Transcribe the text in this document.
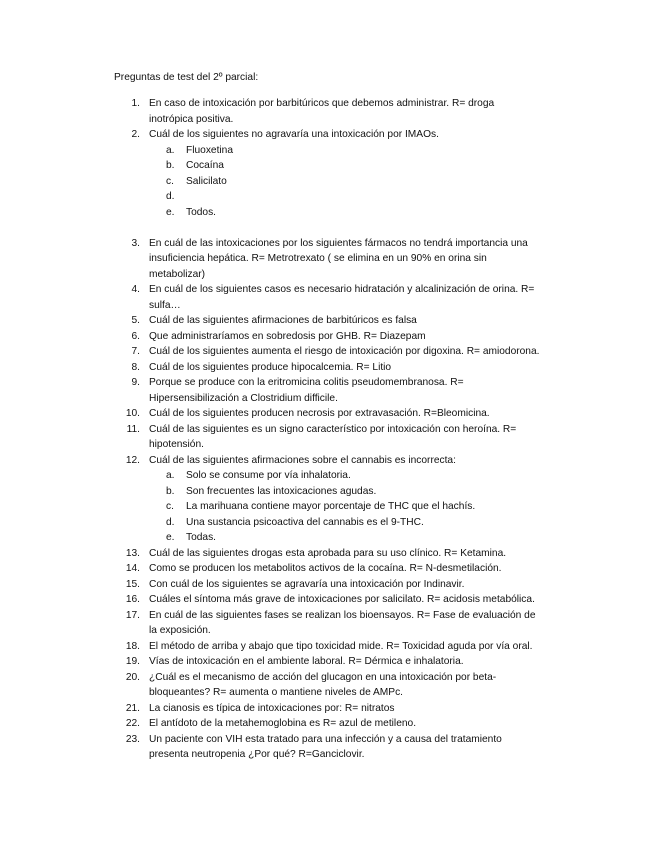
Preguntas de test del 2º parcial:
1. En caso de intoxicación por barbitúricos que debemos administrar. R= droga inotrópica positiva.
2. Cuál de los siguientes no agravaría una intoxicación por IMAOs.
a.	Fluoxetina
b.	Cocaína
c.	Salicilato
d.

e.	Todos.
3. En cuál de las intoxicaciones por los siguientes fármacos no tendrá importancia una insuficiencia hepática. R= Metrotrexato ( se elimina en un 90% en orina sin metabolizar)
4. En cuál de los siguientes casos es necesario hidratación y alcalinización de orina. R= sulfa…
5. Cuál de las siguientes afirmaciones de barbitúricos es falsa
6. Que administraríamos en sobredosis por GHB. R= Diazepam
7. Cuál de los siguientes aumenta el riesgo de intoxicación por digoxina. R= amiodorona.
8. Cuál de los siguientes produce hipocalcemia. R= Litio
9. Porque se produce con la eritromicina colitis pseudomembranosa. R= Hipersensibilización a Clostridium difficile.
10. Cuál de los siguientes producen necrosis por extravasación. R=Bleomicina.
11. Cuál de las siguientes es un signo característico por intoxicación con heroína. R= hipotensión.
12. Cuál de las siguientes afirmaciones sobre el cannabis es incorrecta:
a.	Solo se consume por vía inhalatoria.
b.	Son frecuentes las intoxicaciones agudas.
c.	La marihuana contiene mayor porcentaje de THC que el hachís.
d.	Una sustancia psicoactiva del cannabis es el 9-THC.
e.	Todas.
13. Cuál de las siguientes drogas esta aprobada para su uso clínico. R= Ketamina.
14. Como se producen los metabolitos activos de la cocaína. R= N-desmetilación.
15. Con cuál de los siguientes se agravaría una intoxicación por Indinavir.
16. Cuáles el síntoma más grave de intoxicaciones por salicilato. R= acidosis metabólica.
17. En cuál de las siguientes fases se realizan los bioensayos. R= Fase de evaluación de la exposición.
18. El método de arriba y abajo que tipo toxicidad mide. R= Toxicidad aguda por vía oral.
19. Vías de intoxicación en el ambiente laboral. R= Dérmica e inhalatoria.
20. ¿Cuál es el mecanismo de acción del glucagon en una intoxicación por beta-bloqueantes? R= aumenta o mantiene niveles de AMPc.
21. La cianosis es típica de intoxicaciones por: R= nitratos
22. El antídoto de la metahemoglobina es R= azul de metileno.
23. Un paciente con VIH esta tratado para una infección y a causa del tratamiento presenta neutropenia ¿Por qué? R=Ganciclovir.
